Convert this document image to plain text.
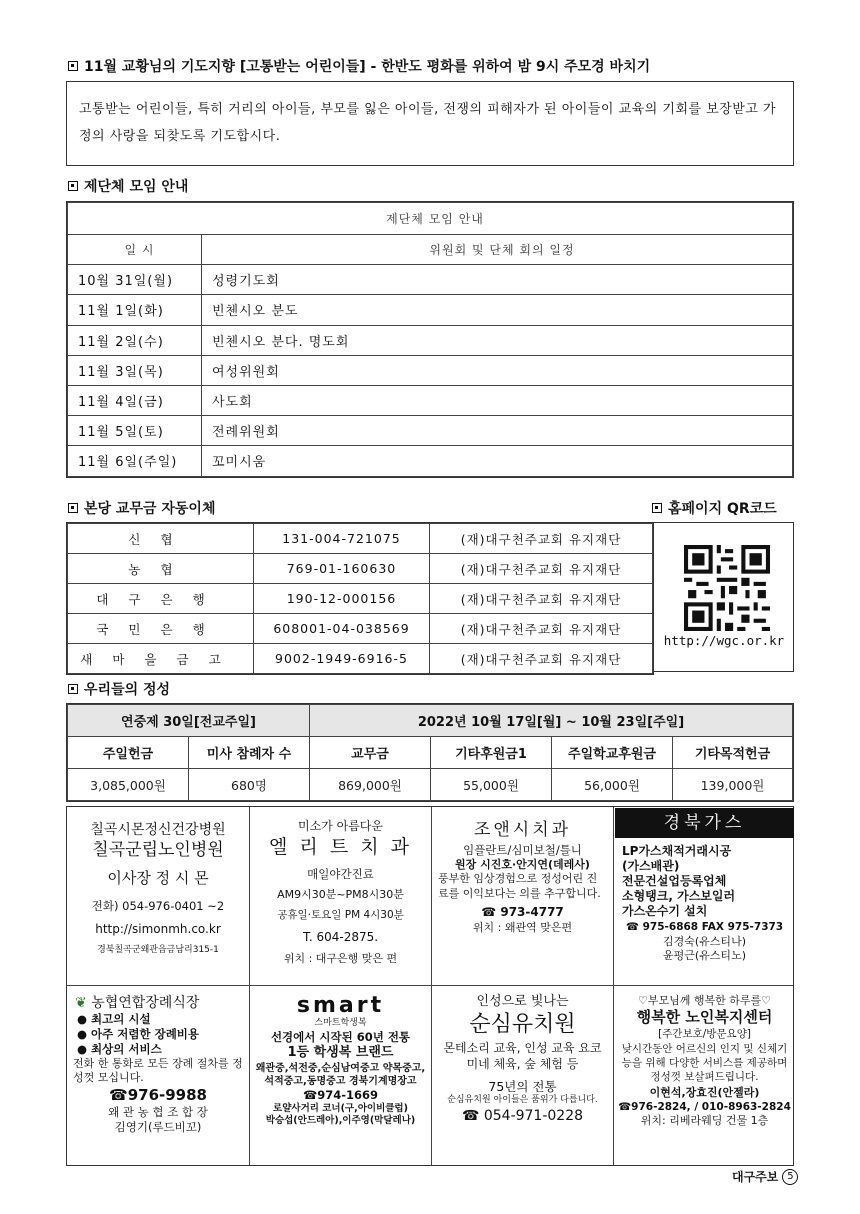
11월 교황님의 기도지향 [고통받는 어린이들] - 한반도 평화를 위하여 밤 9시 주모경 바치기
고통받는 어린이들, 특히 거리의 아이들, 부모를 잃은 아이들, 전쟁의 피해자가 된 아이들이 교육의 기회를 보장받고 가정의 사랑을 되찾도록 기도합시다.
제단체 모임 안내
제단체 모임 안내	
일 시	위원회 및 단체 회의 일정
10월 31일(월)	성령기도회
11월 1일(화)	빈첸시오 분도
11월 2일(수)	빈첸시오 분다. 명도회
11월 3일(목)	여성위원회
11월 4일(금)	사도회
11월 5일(토)	전례위원회
11월 6일(주일)	꼬미시움
본당 교무금 자동이체	홈페이지 QR코드
신협	131-004-721075	(재)대구천주교회 유지재단
농협	769-01-160630	(재)대구천주교회 유지재단
대구은행	190-12-000156	(재)대구천주교회 유지재단
국민은행	608001-04-038569	(재)대구천주교회 유지재단
새마을금고	9002-1949-6916-5	(재)대구천주교회 유지재단
http://wgc.or.kr
우리들의 정성
연중제 30일[전교주일]		2022년 10월 17일[월] ~ 10월 23일[주일]			
주일헌금	미사 참례자 수	교무금	기타후원금1	주일학교후원금	기타목적헌금
3,085,000원	680명	869,000원	55,000원	56,000원	139,000원
칠곡시몬정신건강병원
칠곡군립노인병원
이사장 정 시 몬
전화) 054-976-0401 ~2
http://simonmh.co.kr
경북칠곡군왜관읍금남리315-1
미소가 아름다운
엘 리 트 치 과
매일야간진료
AM9시30분~PM8시30분
공휴일·토요일 PM 4시30분
T. 604-2875.
위치 : 대구은행 맞은 편
조앤시치과
임플란트/심미보철/틀니
원장 시진호·안지연(데레사)
풍부한 임상경험으로 정성어린 진료를 이익보다는 의를 추구합니다.
☎ 973-4777
위치 : 왜관역 맞은편
경북가스
LP가스채적거래시공
(가스배관)
전문건설업등록업체
소형탱크, 가스보일러
가스온수기 설치
☎ 975-6868 FAX 975-7373
김경숙(유스티나)
윤평근(유스티노)
❦ 농협연합장례식장
● 최고의 시설
● 아주 저렴한 장례비용
● 최상의 서비스
전화 한 통화로 모든 장례 절차를 정성껏 모십니다.
☎976-9988
왜 관 농 협 조 합 장
김영기(루드비꼬)
smart
스마트학생복
선경에서 시작된 60년 전통
1등 학생복 브랜드
왜관중,석전중,순심남여중고 약목중고,석적중고,동명중고 경북기계명장고
☎974-1669
로얄사거리 코너(구,아이비클럽)
박승섭(안드레아),이주영(막달레나)
인성으로 빛나는
순심유치원
몬테소리 교육, 인성 교육 요코미네 체육, 숲 체험 등
75년의 전통
순심유치원 아이들은 품위가 다릅니다.
☎ 054-971-0228
♡부모님께 행복한 하루를♡
행복한 노인복지센터
[주간보호/방문요양]
낮시간동안 어르신의 인지 및 신체기능을 위해 다양한 서비스를 제공하며 정성껏 보살펴드립니다.
이현석,장효진(안젤라)
☎976-2824, / 010-8963-2824
위치: 리베라웨딩 건물 1층
대구주보 5
